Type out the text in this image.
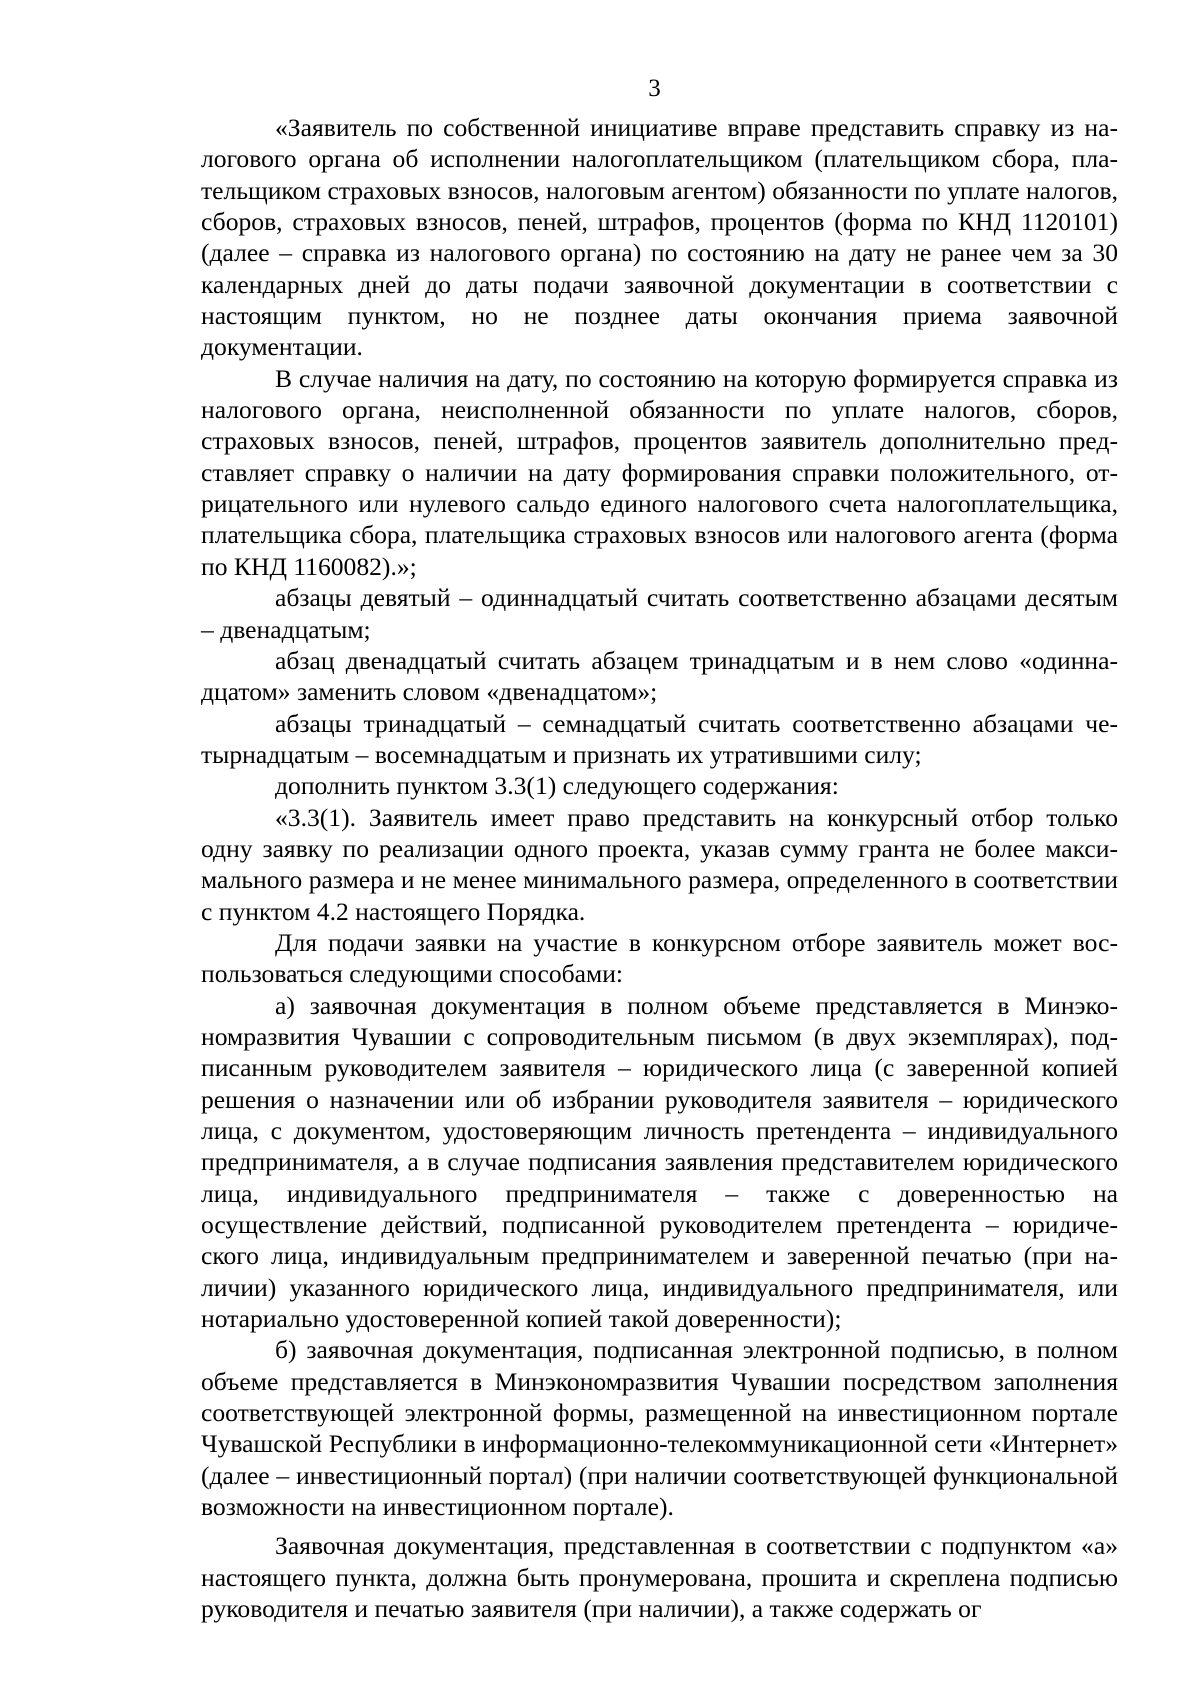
3

«Заявитель по собственной инициативе вправе представить справку из налогового органа об исполнении налогоплательщиком (плательщиком сбора, плательщиком страховых взносов, налоговым агентом) обязанности по уплате налогов, сборов, страховых взносов, пеней, штрафов, процентов (форма по КНД 1120101) (далее – справка из налогового органа) по состоянию на дату не ранее чем за 30 календарных дней до даты подачи заявочной документации в соответствии с настоящим пунктом, но не позднее даты окончания приема заявочной документации.

В случае наличия на дату, по состоянию на которую формируется справка из налогового органа, неисполненной обязанности по уплате налогов, сборов, страховых взносов, пеней, штрафов, процентов заявитель дополнительно представляет справку о наличии на дату формирования справки положительного, отрицательного или нулевого сальдо единого налогового счета налогоплательщика, плательщика сбора, плательщика страховых взносов или налогового агента (форма по КНД 1160082).»;

абзацы девятый – одиннадцатый считать соответственно абзацами десятым – двенадцатым;

абзац двенадцатый считать абзацем тринадцатым и в нем слово «одиннадцатом» заменить словом «двенадцатом»;

абзацы тринадцатый – семнадцатый считать соответственно абзацами четырнадцатым – восемнадцатым и признать их утратившими силу;

дополнить пунктом 3.3(1) следующего содержания:

«3.3(1). Заявитель имеет право представить на конкурсный отбор только одну заявку по реализации одного проекта, указав сумму гранта не более максимального размера и не менее минимального размера, определенного в соответствии с пунктом 4.2 настоящего Порядка.

Для подачи заявки на участие в конкурсном отборе заявитель может воспользоваться следующими способами:

а) заявочная документация в полном объеме представляется в Минэкономразвития Чувашии с сопроводительным письмом (в двух экземплярах), подписанным руководителем заявителя – юридического лица (с заверенной копией решения о назначении или об избрании руководителя заявителя – юридического лица, с документом, удостоверяющим личность претендента – индивидуального предпринимателя, а в случае подписания заявления представителем юридического лица, индивидуального предпринимателя – также с доверенностью на осуществление действий, подписанной руководителем претендента – юридического лица, индивидуальным предпринимателем и заверенной печатью (при наличии) указанного юридического лица, индивидуального предпринимателя, или нотариально удостоверенной копией такой доверенности);

б) заявочная документация, подписанная электронной подписью, в полном объеме представляется в Минэкономразвития Чувашии посредством заполнения соответствующей электронной формы, размещенной на инвестиционном портале Чувашской Республики в информационно-телекоммуникационной сети «Интернет» (далее – инвестиционный портал) (при наличии соответствующей функциональной возможности на инвестиционном портале).

Заявочная документация, представленная в соответствии с подпунктом «а» настоящего пункта, должна быть пронумерована, прошита и скреплена подписью руководителя и печатью заявителя (при наличии), а также содержать ог
